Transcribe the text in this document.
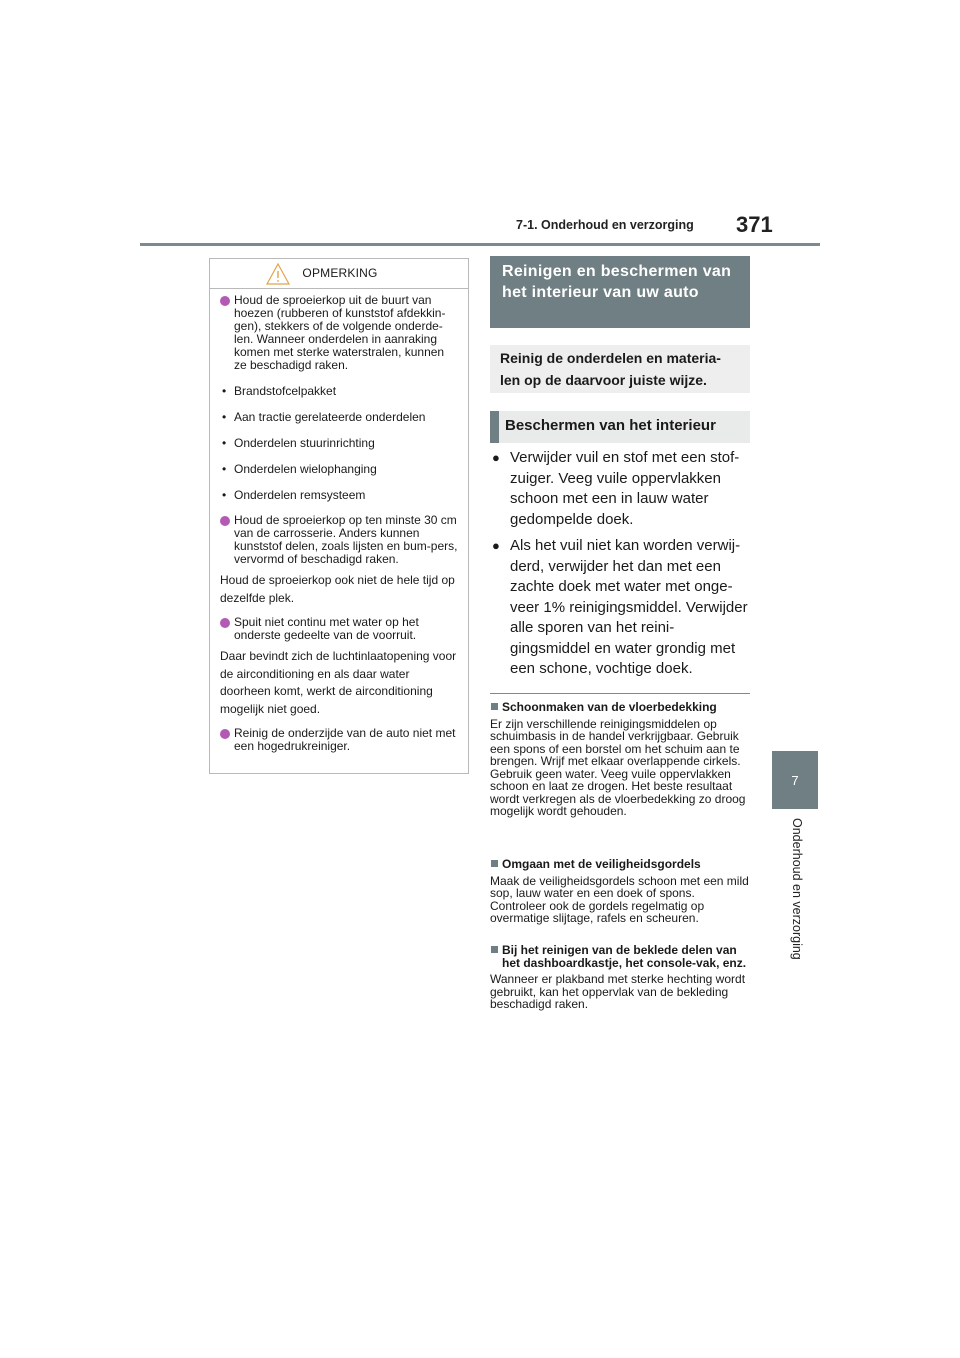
7-1. Onderhoud en verzorging 371
7
Onderhoud en verzorging
OPMERKING
Houd de sproeierkop uit de buurt van hoezen (rubberen of kunststof afdekkin-gen), stekkers of de volgende onderde-len. Wanneer onderdelen in aanraking komen met sterke waterstralen, kunnen ze beschadigd raken.
• Brandstofcelpakket
• Aan tractie gerelateerde onderdelen
• Onderdelen stuurinrichting
• Onderdelen wielophanging
• Onderdelen remsysteem
Houd de sproeierkop op ten minste 30 cm van de carrosserie. Anders kunnen kunststof delen, zoals lijsten en bum-pers, vervormd of beschadigd raken.
Houd de sproeierkop ook niet de hele tijd op dezelfde plek.
Spuit niet continu met water op het onderste gedeelte van de voorruit.
Daar bevindt zich de luchtinlaatopening voor de airconditioning en als daar water doorheen komt, werkt de airconditioning mogelijk niet goed.
Reinig de onderzijde van de auto niet met een hogedrukreiniger.
Reinigen en beschermen van het interieur van uw auto
Reinig de onderdelen en materia-len op de daarvoor juiste wijze.
Beschermen van het interieur
● Verwijder vuil en stof met een stof-zuiger. Veeg vuile oppervlakken schoon met een in lauw water gedompelde doek.
● Als het vuil niet kan worden verwij-derd, verwijder het dan met een zachte doek met water met onge-veer 1% reinigingsmiddel. Verwijder alle sporen van het reini-gingsmiddel en water grondig met een schone, vochtige doek.
Schoonmaken van de vloerbedekking
Er zijn verschillende reinigingsmiddelen op schuimbasis in de handel verkrijgbaar. Gebruik een spons of een borstel om het schuim aan te brengen. Wrijf met elkaar overlappende cirkels. Gebruik geen water. Veeg vuile oppervlakken schoon en laat ze drogen. Het beste resultaat wordt verkregen als de vloerbedekking zo droog mogelijk wordt gehouden.
Omgaan met de veiligheidsgordels
Maak de veiligheidsgordels schoon met een mild sop, lauw water en een doek of spons. Controleer ook de gordels regelmatig op overmatige slijtage, rafels en scheuren.
Bij het reinigen van de beklede delen van het dashboardkastje, het console-vak, enz.
Wanneer er plakband met sterke hechting wordt gebruikt, kan het oppervlak van de bekleding beschadigd raken.
